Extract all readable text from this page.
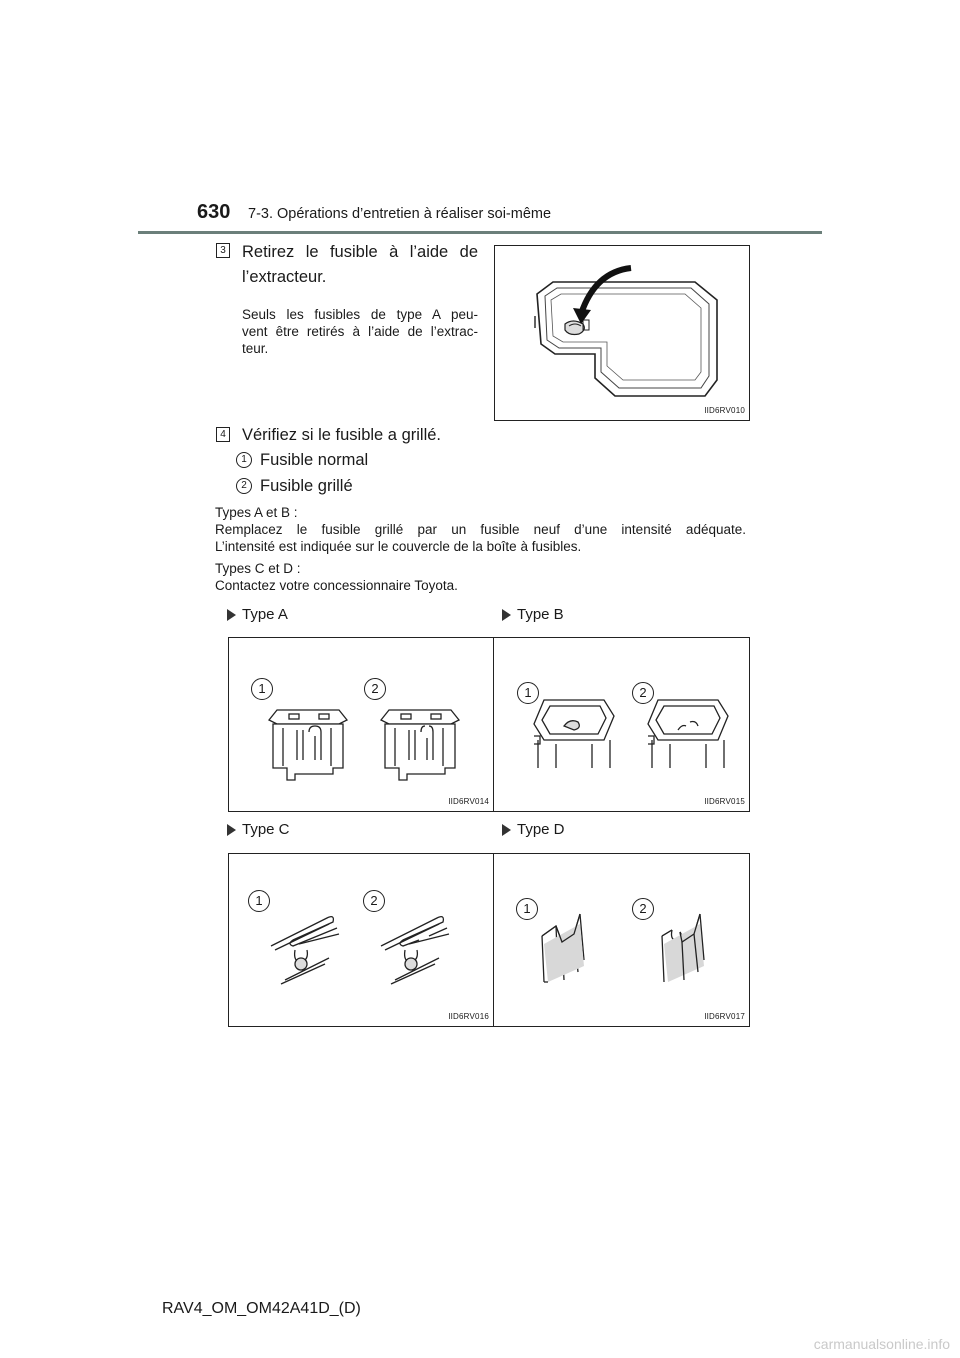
630 7-3. Opérations d’entretien à réaliser soi-même
3 Retirez le fusible à l’aide de
l’extracteur.
Seuls les fusibles de type A peu-
vent être retirés à l’aide de l’extrac-
teur.
IID6RV010
4 Vérifiez si le fusible a grillé.
1 Fusible normal
2 Fusible grillé
Types A et B :
Remplacez le fusible grillé par un fusible neuf d’une intensité adéquate.
L’intensité est indiquée sur le couvercle de la boîte à fusibles.
Types C et D :
Contactez votre concessionnaire Toyota.
Type A	Type B
1	2
IID6RV014
1	2
IID6RV015
Type C	Type D
1	2
IID6RV016
1	2
IID6RV017
RAV4_OM_OM42A41D_(D)
carmanualsonline.info
